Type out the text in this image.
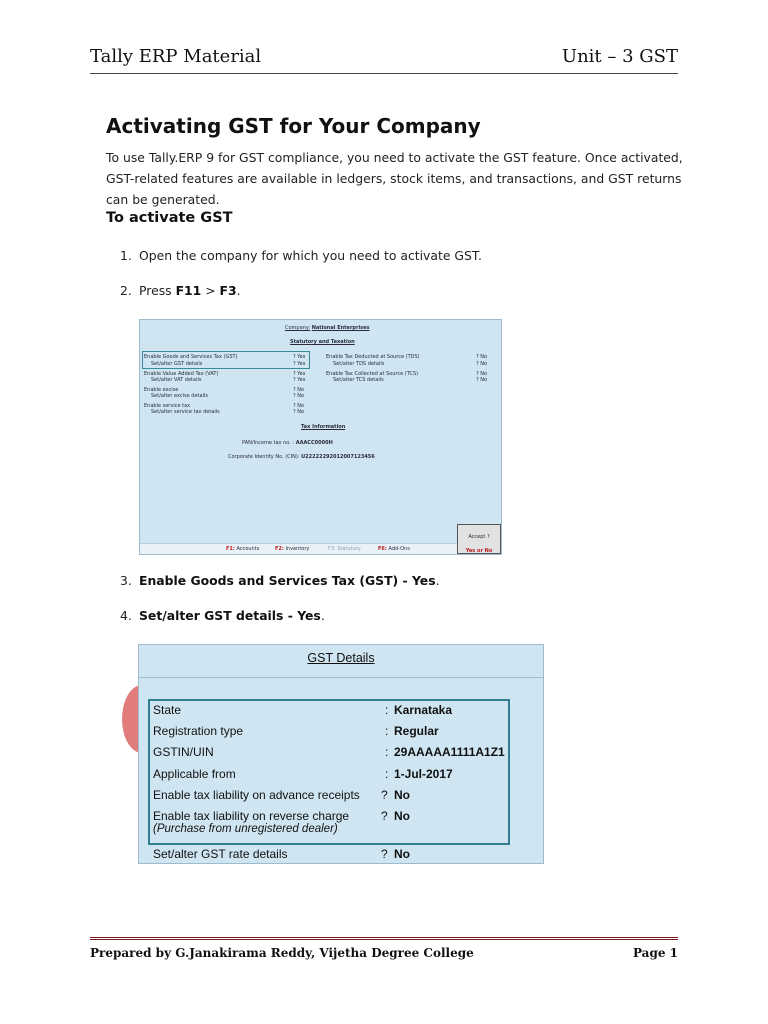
Tally ERP Material	Unit – 3 GST
Activating GST for Your Company

To use Tally.ERP 9 for GST compliance, you need to activate the GST feature. Once activated, GST-related features are available in ledgers, stock items, and transactions, and GST returns can be generated.

To activate GST
1. Open the company for which you need to activate GST.
2. Press F11 > F3.
Company: National Enterprises
Statutory and Taxation
Enable Goods and Services Tax (GST)	? Yes
Set/alter GST details	? Yes
Enable Value Added Tax (VAT)	? Yes
Set/alter VAT details	? Yes
Enable excise	? No
Set/alter excise details	? No
Enable service tax	? No
Set/alter service tax details	? No
Enable Tax Deducted at Source (TDS)	? No
Set/alter TDS details	? No
Enable Tax Collected at Source (TCS)	? No
Set/alter TCS details	? No
Tax Information
PAN/Income tax no. : AAACC0000H
Corporate Identity No. (CIN): U22222292012007123456
F1: Accounts	F2: Inventory	F3: Statutory	F6: Add-Ons
Accept ?
Yes or No
3. Enable Goods and Services Tax (GST) - Yes.
4. Set/alter GST details - Yes.
GST Details
State	: Karnataka
Registration type	: Regular
GSTIN/UIN	: 29AAAAA1111A1Z1
Applicable from	: 1-Jul-2017
Enable tax liability on advance receipts ? No
Enable tax liability on reverse charge	? No
(Purchase from unregistered dealer)
Set/alter GST rate details	? No
Prepared by G.Janakirama Reddy, Vijetha Degree College	Page 1
